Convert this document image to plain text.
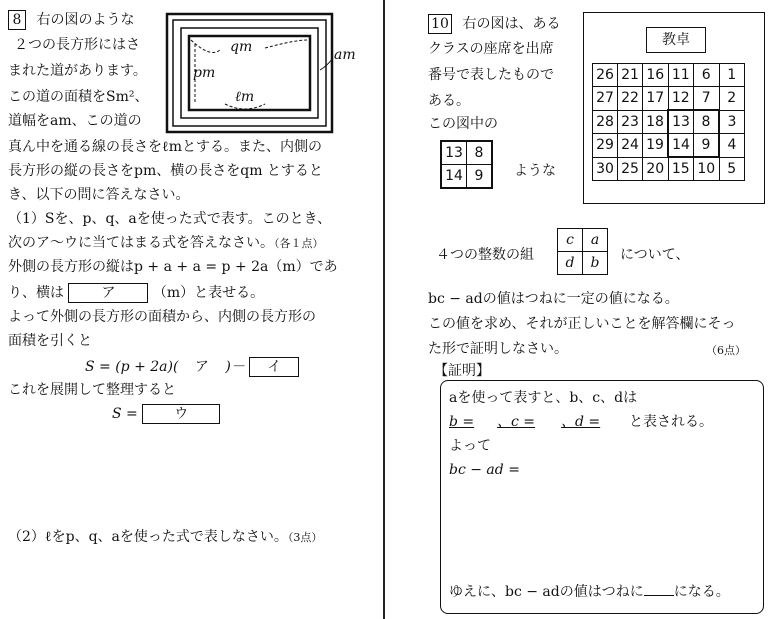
8 右の図のような
２つの長方形にはさ
まれた道があります。
この道の面積をSm²、
道幅をam、この道の
qm
pm
ℓm
am
真ん中を通る線の長さをℓmとする。また、内側の
長方形の縦の長さをpm、横の長さをqm とすると
き、以下の問に答えなさい。
（1）Sを、p、q、aを使った式で表す。このとき、
次のア～ウに当てはまる式を答えなさい。（各１点）
外側の長方形の縦はp + a + a = p + 2a（m）であ
り、横は	ア	（m）と表せる。
よって外側の長方形の面積から、内側の長方形の
面積を引くと
S = (p + 2a)( ア )－ イ
これを展開して整理すると
S =	ウ
（2）ℓをp、q、aを使った式で表しなさい。（3点）
10 右の図は、ある
クラスの座席を出席
番号で表したもので
ある。
この図中の
13	8
14	9 ような
教卓
26	21	16	11	6	1
27	22	17	12	7	2
28	23	18	13	8	3
29	24	19	14	9	4
30	25	20	15	10	5
４つの整数の組
c	a
d	b について、
bc − adの値はつねに一定の値になる。
この値を求め、それが正しいことを解答欄にそっ
た形で証明しなさい。	（6点）
【証明】
aを使って表すと、b、c、dは
b = 、c = 、d = と表される。
よって
bc − ad =
ゆえに、bc − adの値はつねに になる。
